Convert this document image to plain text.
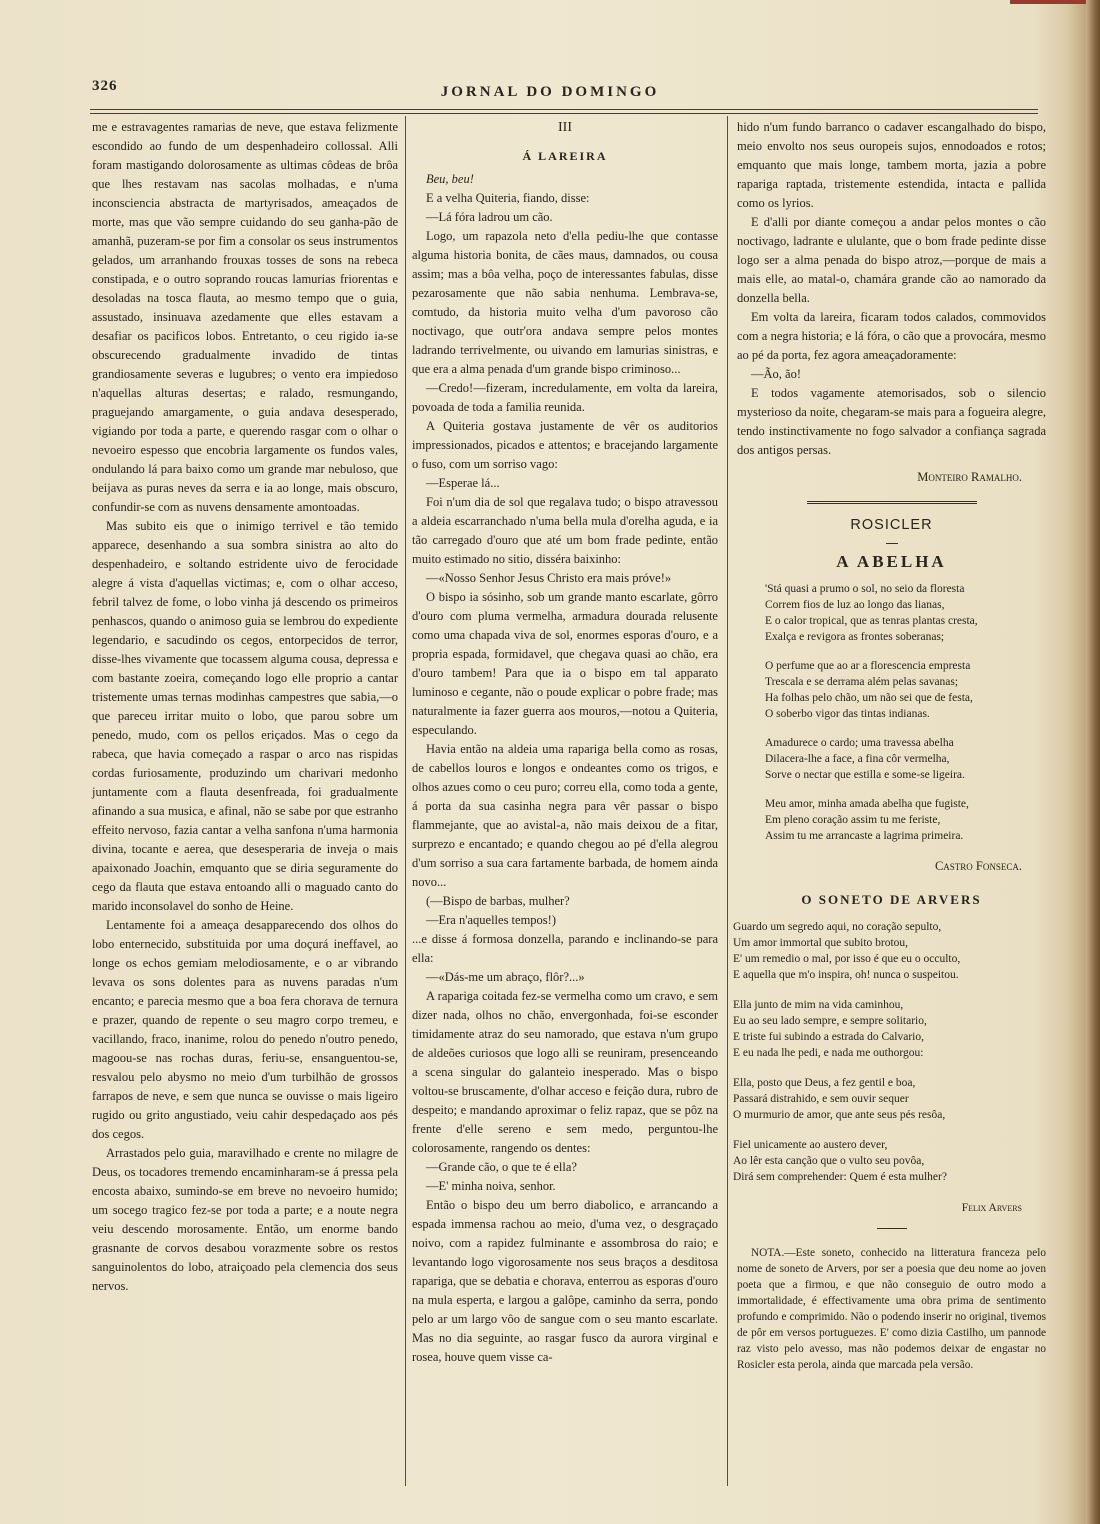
326	JORNAL DO DOMINGO

me e estravagentes ramarias de neve, que estava felizmente escondido ao fundo de um despenhadeiro collossal. Alli foram mastigando dolorosamente as ultimas côdeas de brôa que lhes restavam nas sacolas molhadas, e n'uma inconsciencia abstracta de martyrisados, ameaçados de morte, mas que vão sempre cuidando do seu ganha-pão de amanhã, puzeram-se por fim a consolar os seus instrumentos gelados, um arranhando frouxas tosses de sons na rebeca constipada, e o outro soprando roucas lamurias friorentas e desoladas na tosca flauta, ao mesmo tempo que o guia, assustado, insinuava azedamente que elles estavam a desafiar os pacificos lobos. Entretanto, o ceu rigido ia-se obscurecendo gradualmente invadido de tintas grandiosamente severas e lugubres; o vento era impiedoso n'aquellas alturas desertas; e ralado, resmungando, praguejando amargamente, o guia andava desesperado, vigiando por toda a parte, e querendo rasgar com o olhar o nevoeiro espesso que encobria largamente os fundos vales, ondulando lá para baixo como um grande mar nebuloso, que beijava as puras neves da serra e ia ao longe, mais obscuro, confundir-se com as nuvens densamente amontoadas.

Mas subito eis que o inimigo terrivel e tão temido apparece, desenhando a sua sombra sinistra ao alto do despenhadeiro, e soltando estridente uivo de ferocidade alegre á vista d'aquellas victimas; e, com o olhar acceso, febril talvez de fome, o lobo vinha já descendo os primeiros penhascos, quando o animoso guia se lembrou do expediente legendario, e sacudindo os cegos, entorpecidos de terror, disse-lhes vivamente que tocassem alguma cousa, depressa e com bastante zoeira, começando logo elle proprio a cantar tristemente umas ternas modinhas campestres que sabia,—o que pareceu irritar muito o lobo, que parou sobre um penedo, mudo, com os pellos eriçados. Mas o cego da rabeca, que havia começado a raspar o arco nas rispidas cordas furiosamente, produzindo um charivari medonho juntamente com a flauta desenfreada, foi gradualmente afinando a sua musica, e afinal, não se sabe por que estranho effeito nervoso, fazia cantar a velha sanfona n'uma harmonia divina, tocante e aerea, que desesperaria de inveja o mais apaixonado Joachin, emquanto que se diria seguramente do cego da flauta que estava entoando alli o maguado canto do marido inconsolavel do sonho de Heine.

Lentamente foi a ameaça desapparecendo dos olhos do lobo enternecido, substituida por uma doçurá ineffavel, ao longe os echos gemiam melodiosamente, e o ar vibrando levava os sons dolentes para as nuvens paradas n'um encanto; e parecia mesmo que a boa fera chorava de ternura e prazer, quando de repente o seu magro corpo tremeu, e vacillando, fraco, inanime, rolou do penedo n'outro penedo, magoou-se nas rochas duras, feriu-se, ensanguentou-se, resvalou pelo abysmo no meio d'um turbilhão de grossos farrapos de neve, e sem que nunca se ouvisse o mais ligeiro rugido ou grito angustiado, veiu cahir despedaçado aos pés dos cegos.

Arrastados pelo guia, maravilhado e crente no milagre de Deus, os tocadores tremendo encaminharam-se á pressa pela encosta abaixo, sumindo-se em breve no nevoeiro humido; um socego tragico fez-se por toda a parte; e a noute negra veiu descendo morosamente. Então, um enorme bando grasnante de corvos desabou vorazmente sobre os restos sanguinolentos do lobo, atraiçoado pela clemencia dos seus nervos.

III
Á LAREIRA

Beu, beu!

E a velha Quiteria, fiando, disse:

—Lá fóra ladrou um cão.

Logo, um rapazola neto d'ella pediu-lhe que contasse alguma historia bonita, de cães maus, damnados, ou cousa assim; mas a bôa velha, poço de interessantes fabulas, disse pezarosamente que não sabia nenhuma. Lembrava-se, comtudo, da historia muito velha d'um pavoroso cão noctivago, que outr'ora andava sempre pelos montes ladrando terrivelmente, ou uivando em lamurias sinistras, e que era a alma penada d'um grande bispo criminoso...

—Credo!—fizeram, incredulamente, em volta da lareira, povoada de toda a familia reunida.

A Quiteria gostava justamente de vêr os auditorios impressionados, picados e attentos; e bracejando largamente o fuso, com um sorriso vago:

—Esperae lá...

Foi n'um dia de sol que regalava tudo; o bispo atravessou a aldeia escarranchado n'uma bella mula d'orelha aguda, e ia tão carregado d'ouro que até um bom frade pedinte, então muito estimado no sitio, disséra baixinho:

—«Nosso Senhor Jesus Christo era mais próve!»

O bispo ia sósinho, sob um grande manto escarlate, gôrro d'ouro com pluma vermelha, armadura dourada relusente como uma chapada viva de sol, enormes esporas d'ouro, e a propria espada, formidavel, que chegava quasi ao chão, era d'ouro tambem! Para que ia o bispo em tal apparato luminoso e cegante, não o poude explicar o pobre frade; mas naturalmente ia fazer guerra aos mouros,—notou a Quiteria, especulando.

Havia então na aldeia uma rapariga bella como as rosas, de cabellos louros e longos e ondeantes como os trigos, e olhos azues como o ceu puro; correu ella, como toda a gente, á porta da sua casinha negra para vêr passar o bispo flammejante, que ao avistal-a, não mais deixou de a fitar, surprezo e encantado; e quando chegou ao pé d'ella alegrou d'um sorriso a sua cara fartamente barbada, de homem ainda novo...

(—Bispo de barbas, mulher?

—Era n'aquelles tempos!)

...e disse á formosa donzella, parando e inclinando-se para ella:

—«Dás-me um abraço, flôr?...»

A rapariga coitada fez-se vermelha como um cravo, e sem dizer nada, olhos no chão, envergonhada, foi-se esconder timidamente atraz do seu namorado, que estava n'um grupo de aldeões curiosos que logo alli se reuniram, presenceando a scena singular do galanteio inesperado. Mas o bispo voltou-se bruscamente, d'olhar acceso e feição dura, rubro de despeito; e mandando aproximar o feliz rapaz, que se pôz na frente d'elle sereno e sem medo, perguntou-lhe colorosamente, rangendo os dentes:

—Grande cão, o que te é ella?

—E' minha noiva, senhor.

Então o bispo deu um berro diabolico, e arrancando a espada immensa rachou ao meio, d'uma vez, o desgraçado noivo, com a rapidez fulminante e assombrosa do raio; e levantando logo vigorosamente nos seus braços a desditosa rapariga, que se debatia e chorava, enterrou as esporas d'ouro na mula esperta, e largou a galôpe, caminho da serra, pondo pelo ar um largo vôo de sangue com o seu manto escarlate. Mas no dia seguinte, ao rasgar fusco da aurora virginal e rosea, houve quem visse ca-

hido n'um fundo barranco o cadaver escangalhado do bispo, meio envolto nos seus ouropeis sujos, ennodoados e rotos; emquanto que mais longe, tambem morta, jazia a pobre rapariga raptada, tristemente estendida, intacta e pallida como os lyrios.

E d'alli por diante começou a andar pelos montes o cão noctivago, ladrante e ululante, que o bom frade pedinte disse logo ser a alma penada do bispo atroz,—porque de mais a mais elle, ao matal-o, chamára grande cão ao namorado da donzella bella.

Em volta da lareira, ficaram todos calados, commovidos com a negra historia; e lá fóra, o cão que a provocára, mesmo ao pé da porta, fez agora ameaçadoramente:

—Ão, ão!

E todos vagamente atemorisados, sob o silencio mysterioso da noite, chegaram-se mais para a fogueira alegre, tendo instinctivamente no fogo salvador a confiança sagrada dos antigos persas.

Monteiro Ramalho.
ROSICLER
A ABELHA
'Stá quasi a prumo o sol, no seio da floresta
Correm fios de luz ao longo das lianas,
E o calor tropical, que as tenras plantas cresta,
Exalça e revigora as frontes soberanas;
O perfume que ao ar a florescencia empresta
Trescala e se derrama além pelas savanas;
Ha folhas pelo chão, um não sei que de festa,
O soberbo vigor das tintas indianas.
Amadurece o cardo; uma travessa abelha
Dilacera-lhe a face, a fina côr vermelha,
Sorve o nectar que estilla e some-se ligeira.
Meu amor, minha amada abelha que fugiste,
Em pleno coração assim tu me feriste,
Assim tu me arrancaste a lagrima primeira.
Castro Fonseca.
O SONETO DE ARVERS
Guardo um segredo aqui, no coração sepulto,
Um amor immortal que subito brotou,
E' um remedio o mal, por isso é que eu o occulto,
E aquella que m'o inspira, oh! nunca o suspeitou.
Ella junto de mim na vida caminhou,
Eu ao seu lado sempre, e sempre solitario,
E triste fui subindo a estrada do Calvario,
E eu nada lhe pedi, e nada me outhorgou:
Ella, posto que Deus, a fez gentil e boa,
Passará distrahido, e sem ouvir sequer
O murmurio de amor, que ante seus pés resôa,
Fiel unicamente ao austero dever,
Ao lêr esta canção que o vulto seu povôa,
Dirá sem comprehender: Quem é esta mulher?
Felix Arvers

NOTA.—Este soneto, conhecido na litteratura franceza pelo nome de soneto de Arvers, por ser a poesia que deu nome ao joven poeta que a firmou, e que não conseguio de outro modo a immortalidade, é effectivamente uma obra prima de sentimento profundo e comprimido. Não o podendo inserir no original, tivemos de pôr em versos portuguezes. E' como dizia Castilho, um pannode raz visto pelo avesso, mas não podemos deixar de engastar no Rosicler esta perola, ainda que marcada pela versão.
